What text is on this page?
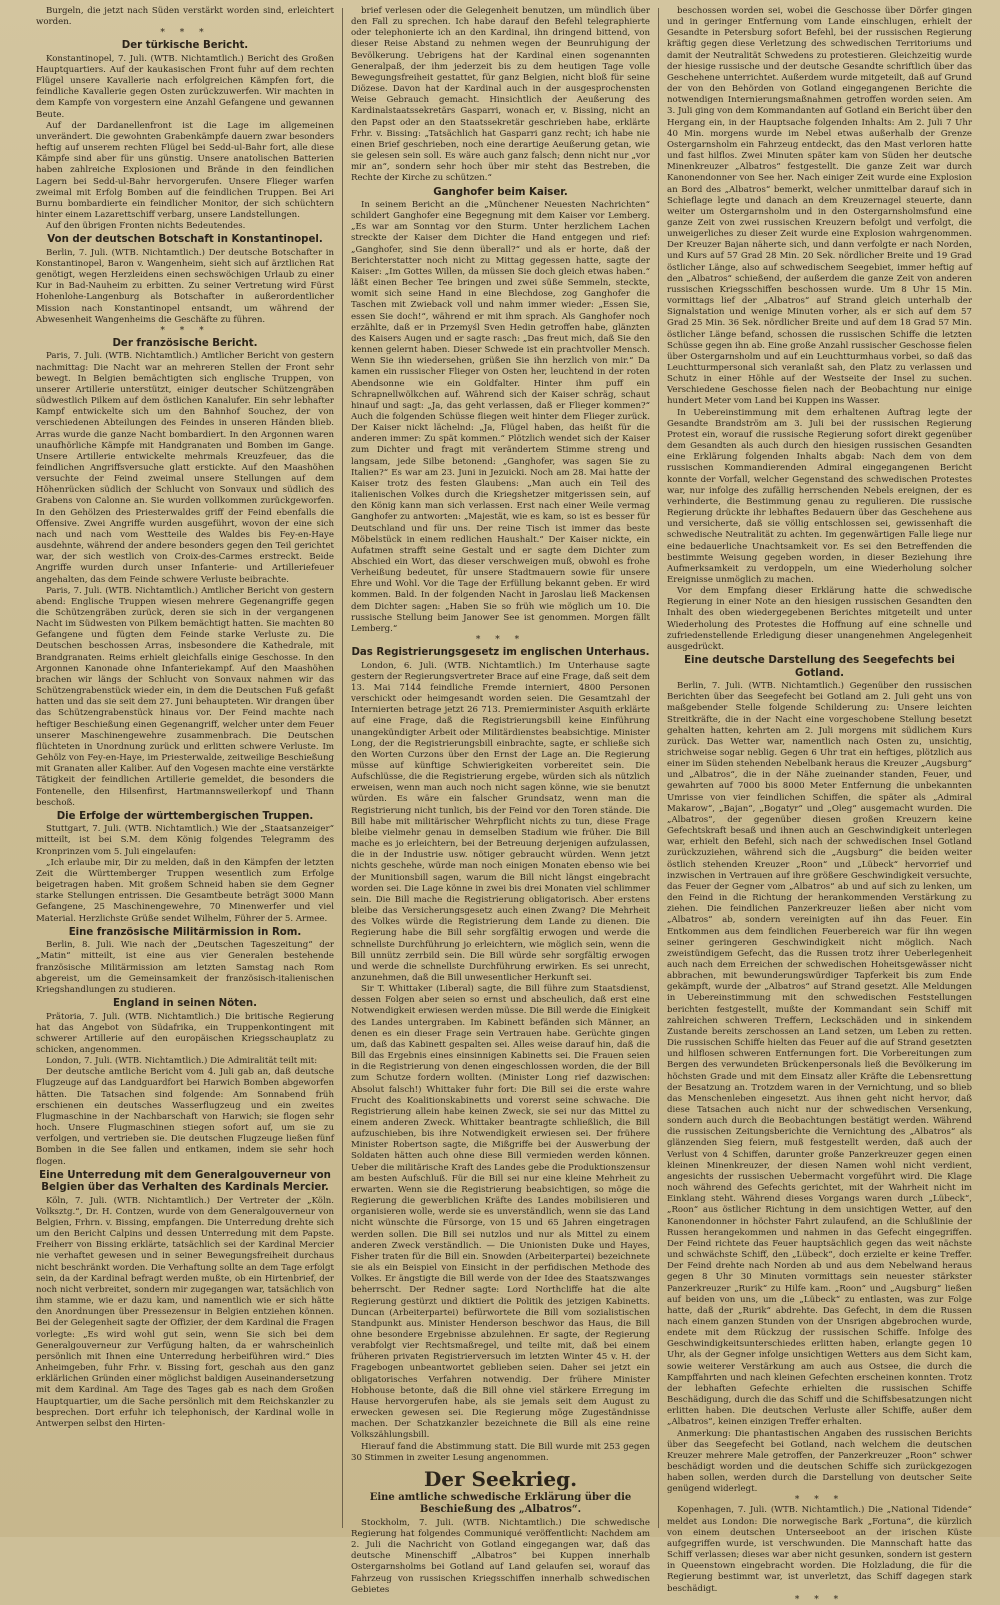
Burgeln, die jetzt nach Süden verstärkt worden sind, erleichtert worden.

* * *
Der türkische Bericht.

Konstantinopel, 7. Juli. (WTB. Nichtamtlich.) Bericht des Großen Hauptquartiers. Auf der kaukasischen Front fuhr auf dem rechten Flügel unsere Kavallerie nach erfolgreichen Kämpfen fort, die feindliche Kavallerie gegen Osten zurückzuwerfen. Wir machten in dem Kampfe von vorgestern eine Anzahl Gefangene und gewannen Beute.

Auf der Dardanellenfront ist die Lage im allgemeinen unverändert. Die gewohnten Grabenkämpfe dauern zwar besonders heftig auf unserem rechten Flügel bei Sedd-ul-Bahr fort, alle diese Kämpfe sind aber für uns günstig. Unsere anatolischen Batterien haben zahlreiche Explosionen und Brände in den feindlichen Lagern bei Sedd-ul-Bahr hervorgerufen. Unsere Flieger warfen zweimal mit Erfolg Bomben auf die feindlichen Truppen. Bei Ari Burnu bombardierte ein feindlicher Monitor, der sich schüchtern hinter einem Lazarettschiff verbarg, unsere Landstellungen.

Auf den übrigen Fronten nichts Bedeutendes.

Von der deutschen Botschaft in Konstantinopel.

Berlin, 7. Juli. (WTB. Nichtamtlich.) Der deutsche Botschafter in Konstantinopel, Baron v. Wangenheim, sieht sich auf ärztlichen Rat genötigt, wegen Herzleidens einen sechswöchigen Urlaub zu einer Kur in Bad-Nauheim zu erbitten. Zu seiner Vertretung wird Fürst Hohenlohe-Langenburg als Botschafter in außerordentlicher Mission nach Konstantinopel entsandt, um während der Abwesenheit Wangenheims die Geschäfte zu führen.

* * *
Der französische Bericht.

Paris, 7. Juli. (WTB. Nichtamtlich.) Amtlicher Bericht von gestern nachmittag: Die Nacht war an mehreren Stellen der Front sehr bewegt. In Belgien bemächtigten sich englische Truppen, von unserer Artillerie unterstützt, einiger deutscher Schützengräben südwestlich Pilkem auf dem östlichen Kanalufer. Ein sehr lebhafter Kampf entwickelte sich um den Bahnhof Souchez, der von verschiedenen Abteilungen des Feindes in unseren Händen blieb. Arras wurde die ganze Nacht bombardiert. In den Argonnen waren unaufhörliche Kämpfe mit Handgranaten und Bomben im Gange. Unsere Artillerie entwickelte mehrmals Kreuzfeuer, das die feindlichen Angriffsversuche glatt erstickte. Auf den Maashöhen versuchte der Feind zweimal unsere Stellungen auf dem Höhenrücken südlich der Schlucht von Sonvaux und südlich des Grabens von Calonne an. Sie wurden vollkommen zurückgeworfen. In den Gehölzen des Priesterwaldes griff der Feind ebenfalls die Offensive. Zwei Angriffe wurden ausgeführt, wovon der eine sich nach und nach vom Westteile des Waldes bis Fey-en-Haye ausdehnte, während der andere besonders gegen den Teil gerichtet war, der sich westlich von Croix-des-Carmes erstreckt. Beide Angriffe wurden durch unser Infanterie- und Artilleriefeuer angehalten, das dem Feinde schwere Verluste beibrachte.

Paris, 7. Juli. (WTB. Nichtamtlich.) Amtlicher Bericht von gestern abend: Englische Truppen wiesen mehrere Gegenangriffe gegen die Schützengräben zurück, deren sie sich in der vergangenen Nacht im Südwesten von Pilkem bemächtigt hatten. Sie machten 80 Gefangene und fügten dem Feinde starke Verluste zu. Die Deutschen beschossen Arras, insbesondere die Kathedrale, mit Brandgranaten. Reims erhielt gleichfalls einige Geschosse. In den Argonnen Kanonade ohne Infanteriekampf. Auf den Maashöhen brachen wir längs der Schlucht von Sonvaux nahmen wir das Schützengrabenstück wieder ein, in dem die Deutschen Fuß gefaßt hatten und das sie seit dem 27. Juni behaupteten. Wir drangen über das Schützengrabenstück hinaus vor. Der Feind machte nach heftiger Beschießung einen Gegenangriff, welcher unter dem Feuer unserer Maschinengewehre zusammenbrach. Die Deutschen flüchteten in Unordnung zurück und erlitten schwere Verluste. Im Gehölz von Fey-en-Haye, im Priesterwalde, zeitweilige Beschießung mit Granaten aller Kaliber. Auf den Vogesen machte eine verstärkte Tätigkeit der feindlichen Artillerie gemeldet, die besonders die Fontenelle, den Hilsenfirst, Hartmannsweilerkopf und Thann beschoß.

Die Erfolge der württembergischen Truppen.

Stuttgart, 7. Juli. (WTB. Nichtamtlich.) Wie der „Staatsanzeiger“ mitteilt, ist bei S.M. dem König folgendes Telegramm des Kronprinzen vom 5. Juli eingelaufen:

„Ich erlaube mir, Dir zu melden, daß in den Kämpfen der letzten Zeit die Württemberger Truppen wesentlich zum Erfolge beigetragen haben. Mit großem Schneid haben sie dem Gegner starke Stellungen entrissen. Die Gesamtbeute beträgt 3000 Mann Gefangene, 25 Maschinengewehre, 70 Minenwerfer und viel Material. Herzlichste Grüße sendet Wilhelm, Führer der 5. Armee.

Eine französische Militärmission in Rom.

Berlin, 8. Juli. Wie nach der „Deutschen Tageszeitung“ der „Matin“ mitteilt, ist eine aus vier Generalen bestehende französische Militärmission am letzten Samstag nach Rom abgereist, um die Gemeinsamkeit der französisch-italienischen Kriegshandlungen zu studieren.

England in seinen Nöten.

Prätoria, 7. Juli. (WTB. Nichtamtlich.) Die britische Regierung hat das Angebot von Südafrika, ein Truppenkontingent mit schwerer Artillerie auf den europäischen Kriegsschauplatz zu schicken, angenommen.

London, 7. Juli. (WTB. Nichtamtlich.) Die Admiralität teilt mit:

Der deutsche amtliche Bericht vom 4. Juli gab an, daß deutsche Flugzeuge auf das Landguardfort bei Harwich Bomben abgeworfen hätten. Die Tatsachen sind folgende: Am Sonnabend früh erschienen ein deutsches Wasserflugzeug und ein zweites Flugmaschine in der Nachbarschaft von Harwich; sie flogen sehr hoch. Unsere Flugmaschinen stiegen sofort auf, um sie zu verfolgen, und vertrieben sie. Die deutschen Flugzeuge ließen fünf Bomben in die See fallen und entkamen, indem sie sehr hoch flogen.

Eine Unterredung mit dem Generalgouverneur von Belgien über das Verhalten des Kardinals Mercier.

Köln, 7. Juli. (WTB. Nichtamtlich.) Der Vertreter der „Köln. Volksztg.“, Dr. H. Contzen, wurde von dem Generalgouverneur von Belgien, Frhrn. v. Bissing, empfangen. Die Unterredung drehte sich um den Bericht Calpins und dessen Unterredung mit dem Papste. Freiherr von Bissing erklärte, tatsächlich sei der Kardinal Mercier nie verhaftet gewesen und in seiner Bewegungsfreiheit durchaus nicht beschränkt worden. Die Verhaftung sollte an dem Tage erfolgt sein, da der Kardinal befragt werden mußte, ob ein Hirtenbrief, der noch nicht verbreitet, sondern mir zugegangen war, tatsächlich von ihm stamme, wie er dazu kam, und namentlich wie er sich hätte den Anordnungen über Pressezensur in Belgien entziehen können. Bei der Gelegenheit sagte der Offizier, der dem Kardinal die Fragen vorlegte: „Es wird wohl gut sein, wenn Sie sich bei dem Generalgouverneur zur Verfügung halten, da er wahrscheinlich persönlich mit Ihnen eine Unterredung herbeiführen wird.“ Dies Anheimgeben, fuhr Frhr. v. Bissing fort, geschah aus den ganz erklärlichen Gründen einer möglichst baldigen Auseinandersetzung mit dem Kardinal. Am Tage des Tages gab es nach dem Großen Hauptquartier, um die Sache persönlich mit dem Reichskanzler zu besprechen. Dort erfuhr ich telephonisch, der Kardinal wolle in Antwerpen selbst den Hirten-

brief verlesen oder die Gelegenheit benutzen, um mündlich über den Fall zu sprechen. Ich habe darauf den Befehl telegraphierte oder telephonierte ich an den Kardinal, ihn dringend bittend, von dieser Reise Abstand zu nehmen wegen der Beunruhigung der Bevölkerung. Uebrigens hat der Kardinal einen sogenannten Generalpaß, der ihm jederzeit bis zu dem heutigen Tage volle Bewegungsfreiheit gestattet, für ganz Belgien, nicht bloß für seine Diözese. Davon hat der Kardinal auch in der ausgesprochensten Weise Gebrauch gemacht. Hinsichtlich der Aeußerung des Kardinalstaatssekretärs Gasparri, wonach er, v. Bissing, nicht an den Papst oder an den Staatssekretär geschrieben habe, erklärte Frhr. v. Bissing: „Tatsächlich hat Gasparri ganz recht; ich habe nie einen Brief geschrieben, noch eine derartige Aeußerung getan, wie sie gelesen sein soll. Es wäre auch ganz falsch; denn nicht nur „vor mir an“, sondern sehr hoch über mir steht das Bestreben, die Rechte der Kirche zu schützen.“

Ganghofer beim Kaiser.

In seinem Bericht an die „Münchener Neuesten Nachrichten“ schildert Ganghofer eine Begegnung mit dem Kaiser vor Lemberg. „Es war am Sonntag vor den Sturm. Unter herzlichem Lachen streckte der Kaiser dem Dichter die Hand entgegen und rief: „Ganghofer, sind Sie denn überall?“ und als er horte, daß der Berichterstatter noch nicht zu Mittag gegessen hatte, sagte der Kaiser: „Im Gottes Willen, da müssen Sie doch gleich etwas haben.“ läßt einen Becher Tee bringen und zwei süße Semmeln, steckte, womit sich seine Hand in eine Blechdose, zog Ganghofer die Taschen mit Zwieback voll und nahm immer wieder: „Essen Sie, essen Sie doch!“, während er mit ihm sprach. Als Ganghofer noch erzählte, daß er in Przemyśl Sven Hedin getroffen habe, glänzten des Kaisers Augen und er sagte rasch: „Das freut mich, daß Sie den kennen gelernt haben. Dieser Schwede ist ein prachtvoller Mensch. Wenn Sie ihn wiedersehen, grüßen Sie ihn herzlich von mir.“ Da kamen ein russischer Flieger von Osten her, leuchtend in der roten Abendsonne wie ein Goldfalter. Hinter ihm puff ein Schrapnellwölkchen auf. Während sich der Kaiser schräg, schaut hinauf und sagt: „Ja, das geht verlassen, daß er Flieger kommen?“ Auch die folgenden Schüsse fliegen weit hinter dem Flieger zurück. Der Kaiser nickt lächelnd: „Ja, Flügel haben, das heißt für die anderen immer: Zu spät kommen.“ Plötzlich wendet sich der Kaiser zum Dichter und fragt mit verändertem Stimme streng und langsam, jede Silbe betonend: „Ganghofer, was sagen Sie zu Italien?“ Es war am 23. Juni in Jezuicki. Noch am 28. Mai hatte der Kaiser trotz des festen Glaubens: „Man auch ein Teil des italienischen Volkes durch die Kriegshetzer mitgerissen sein, auf den König kann man sich verlassen. Erst nach einer Weile vermag Ganghofer zu antworten: „Majestät, wie es kam, so ist es besser für Deutschland und für uns. Der reine Tisch ist immer das beste Möbelstück in einem redlichen Haushalt.“ Der Kaiser nickte, ein Aufatmen strafft seine Gestalt und er sagte dem Dichter zum Abschied ein Wort, das dieser verschweigen muß, obwohl es frohe Verheißung bedeutet, für unsere Stadtmauern sowie für unsere Ehre und Wohl. Vor die Tage der Erfüllung bekannt geben. Er wird kommen. Bald. In der folgenden Nacht in Jaroslau ließ Mackensen dem Dichter sagen: „Haben Sie so früh wie möglich um 10. Die russische Stellung beim Janower See ist genommen. Morgen fällt Lemberg.“

* * *
Das Registrierungsgesetz im englischen Unterhaus.

London, 6. Juli. (WTB. Nichtamtlich.) Im Unterhause sagte gestern der Regierungsvertreter Brace auf eine Frage, daß seit dem 13. Mai 7144 feindliche Fremde interniert, 4800 Personen verschickt oder heimgesandt worden seien. Die Gesamtzahl der Internierten betrage jetzt 26 713. Premierminister Asquith erklärte auf eine Frage, daß die Registrierungsbill keine Einführung unangekündigter Arbeit oder Militärdienstes beabsichtige. Minister Long, der die Registrierungsbill einbrachte, sagte, er schließe sich den Worten Curzons über den Ernst der Lage an. Die Regierung müsse auf künftige Schwierigkeiten vorbereitet sein. Die Aufschlüsse, die die Registrierung ergebe, würden sich als nützlich erweisen, wenn man auch noch nicht sagen könne, wie sie benutzt würden. Es wäre ein falscher Grundsatz, wenn man die Registrierung nicht tunlich, bis der Feind vor den Toren stände. Die Bill habe mit militärischer Wehrpflicht nichts zu tun, diese Frage bleibe vielmehr genau in demselben Stadium wie früher. Die Bill mache es jo erleichtern, bei der Betreuung derjenigen aufzulassen, die in der Industrie usw. nötiger gebraucht würden. Wenn jetzt nichts geschehe, würde man noch einigen Monaten ebenso wie bei der Munitionsbill sagen, warum die Bill nicht längst eingebracht worden sei. Die Lage könne in zwei bis drei Monaten viel schlimmer sein. Die Bill mache die Registrierung obligatorisch. Aber erstens bleibe das Versicherungsgesetz auch einen Zwang? Die Mehrheit des Volkes würde die Registrierung dem Lande zu dienen. Die Regierung habe die Bill sehr sorgfältig erwogen und werde die schnellste Durchführung jo erleichtern, wie möglich sein, wenn die Bill unnütz zerrbild sein. Die Bill würde sehr sorgfältig erwogen und werde die schnellste Durchführung erwirken. Es sei unrecht, anzunehmen, daß die Bill unwesentlicher Herkunft sei.

Sir T. Whittaker (Liberal) sagte, die Bill führe zum Staatsdienst, dessen Folgen aber seien so ernst und abscheulich, daß erst eine Notwendigkeit erwiesen werden müsse. Die Bill werde die Einigkeit des Landes untergraben. Im Kabinett befänden sich Männer, an denen es ein dieser Frage sein Vertrauen habe. Gerüchte gingen um, daß das Kabinett gespalten sei. Alles weise darauf hin, daß die Bill das Ergebnis eines einsinnigen Kabinetts sei. Die Frauen seien in die Registrierung von denen eingeschlossen worden, die der Bill zum Schutze fordern wollten. (Minister Long rief dazwischen: Absolut falsch!) Whittaker fuhr fort: Die Bill sei die erste wahre Frucht des Koalitionskabinetts und vorerst seine schwache. Die Registrierung allein habe keinen Zweck, sie sei nur das Mittel zu einem anderen Zweck. Whittaker beantragte schließlich, die Bill aufzuschieben, bis ihre Notwendigkeit erwiesen sei. Der frühere Minister Robertson sagte, die Mißgriffe bei der Auswerbung der Soldaten hätten auch ohne diese Bill vermieden werden können. Ueber die militärische Kraft des Landes gebe die Produktionszensur am besten Aufschluß. Für die Bill sei nur eine kleine Mehrheit zu erwarten. Wenn sie die Registrierung beabsichtigen, so möge die Regierung die gewerblichen Kräfte des Landes mobilisieren und organisieren wolle, werde sie es unverständlich, wenn sie das Land nicht wünschte die Fürsorge, von 15 und 65 Jahren eingetragen werden sollen. Die Bill sei nutzlos und nur als Mittel zu einem anderen Zweck verständlich. — Die Unionisten Duke und Hayes, Fisher traten für die Bill ein. Snowden (Arbeiterpartei) bezeichnete sie als ein Beispiel von Einsicht in der perfidischen Methode des Volkes. Er ängstigte die Bill werde von der Idee des Staatszwanges beherrscht. Der Redner sagte: Lord Northcliffe hat die alte Regierung gestürzt und diktiert die Politik des jetzigen Kabinetts. Duncan (Arbeiterpartei) befürwortete die Bill vom sozialistischen Standpunkt aus. Minister Henderson beschwor das Haus, die Bill ohne besondere Ergebnisse abzulehnen. Er sagte, der Regierung verabfolgt vier Rechtsmaßregel, und teilte mit, daß bei einem früheren privaten Registrierversuch im letzten Winter 45 v. H. der Fragebogen unbeantwortet geblieben seien. Daher sei jetzt ein obligatorisches Verfahren notwendig. Der frühere Minister Hobhouse betonte, daß die Bill ohne viel stärkere Erregung im Hause hervorgerufen habe, als sie jemals seit dem August zu erwecken gewesen sei. Die Regierung möge Zugeständnisse machen. Der Schatzkanzler bezeichnete die Bill als eine reine Volkszählungsbill.

Hierauf fand die Abstimmung statt. Die Bill wurde mit 253 gegen 30 Stimmen in zweiter Lesung angenommen.

Der Seekrieg.
Eine amtliche schwedische Erklärung über die Beschießung des „Albatros“.

Stockholm, 7. Juli. (WTB. Nichtamtlich.) Die schwedische Regierung hat folgendes Communiqué veröffentlicht: Nachdem am 2. Juli die Nachricht von Gotland eingegangen war, daß das deutsche Minenschiff „Albatros“ bei Kuppen innerhalb Ostergarnsholms bei Gotland auf Land gelaufen sei, worauf das Fahrzeug von russischen Kriegsschiffen innerhalb schwedischen Gebietes

beschossen worden sei, wobei die Geschosse über Dörfer gingen und in geringer Entfernung vom Lande einschlugen, erhielt der Gesandte in Petersburg sofort Befehl, bei der russischen Regierung kräftig gegen diese Verletzung des schwedischen Territoriums und damit der Neutralität Schwedens zu protestieren. Gleichzeitig wurde der hiesige russische und der deutsche Gesandte schriftlich über das Geschehene unterrichtet. Außerdem wurde mitgeteilt, daß auf Grund der von den Behörden von Gotland eingegangenen Berichte die notwendigen Internierungsmaßnahmen getroffen worden seien. Am 3. Juli ging von dem Kommandanten auf Gotland ein Bericht über den Hergang ein, in der Hauptsache folgenden Inhalts: Am 2. Juli 7 Uhr 40 Min. morgens wurde im Nebel etwas außerhalb der Grenze Ostergarnsholm ein Fahrzeug entdeckt, das den Mast verloren hatte und fast hilflos. Zwei Minuten später kam von Süden her deutsche Minenkreuzer „Albatros“ festgestellt. Die ganze Zeit war durch Kanonendonner von See her. Nach einiger Zeit wurde eine Explosion an Bord des „Albatros“ bemerkt, welcher unmittelbar darauf sich in Schieflage legte und danach an dem Kreuzernagel steuerte, dann weiter um Ostergarnsholm und in den Ostergarnsholmsfund eine ganze Zeit von zwei russischen Kreuzern befolgt und verfolgt, die unweigerliches zu dieser Zeit wurde eine Explosion wahrgenommen. Der Kreuzer Bajan näherte sich, und dann verfolgte er nach Norden, und Kurs auf 57 Grad 28 Min. 20 Sek. nördlicher Breite und 19 Grad östlicher Länge, also auf schwedischem Seegebiet, immer heftig auf den „Albatros“ schießend, der außerdem die ganze Zeit von anderen russischen Kriegsschiffen beschossen wurde. Um 8 Uhr 15 Min. vormittags lief der „Albatros“ auf Strand gleich unterhalb der Signalstation und wenige Minuten vorher, als er sich auf dem 57 Grad 25 Min. 36 Sek. nördlicher Breite und auf dem 18 Grad 57 Min. östlicher Länge befand, schossen die russischen Schiffe die letzten Schüsse gegen ihn ab. Eine große Anzahl russischer Geschosse fielen über Ostergarnsholm und auf ein Leuchtturmhaus vorbei, so daß das Leuchtturmpersonal sich veranlaßt sah, den Platz zu verlassen und Schutz in einer Höhle auf der Westseite der Insel zu suchen. Verschiedene Geschosse fielen nach der Beobachtung nur einige hundert Meter vom Land bei Kuppen ins Wasser.

In Uebereinstimmung mit dem erhaltenen Auftrag legte der Gesandte Brandström am 3. Juli bei der russischen Regierung Protest ein, worauf die russische Regierung sofort direkt gegenüber dem Gesandten als auch durch den hiesigen russischen Gesandten eine Erklärung folgenden Inhalts abgab: Nach dem von dem russischen Kommandierenden Admiral eingegangenen Bericht konnte der Vorfall, welcher Gegenstand des schwedischen Protestes war, nur infolge des zufällig herrschenden Nebels ereignen, der es verhinderte, die Bestimmung genau zu regulieren. Die russische Regierung drückte ihr lebhaftes Bedauern über das Geschehene aus und versicherte, daß sie völlig entschlossen sei, gewissenhaft die schwedische Neutralität zu achten. Im gegenwärtigen Falle liege nur eine bedauerliche Unachtsamkeit vor. Es sei den Betreffenden die bestimmte Weisung gegeben worden, in dieser Beziehung ihre Aufmerksamkeit zu verdoppeln, um eine Wiederholung solcher Ereignisse unmöglich zu machen.

Vor dem Empfang dieser Erklärung hatte die schwedische Regierung in einer Note an den hiesigen russischen Gesandten den Inhalt des oben wiedergegebenen Berichtes mitgeteilt und unter Wiederholung des Protestes die Hoffnung auf eine schnelle und zufriedenstellende Erledigung dieser unangenehmen Angelegenheit ausgedrückt.

Eine deutsche Darstellung des Seegefechts bei Gotland.

Berlin, 7. Juli. (WTB. Nichtamtlich.) Gegenüber den russischen Berichten über das Seegefecht bei Gotland am 2. Juli geht uns von maßgebender Stelle folgende Schilderung zu: Unsere leichten Streitkräfte, die in der Nacht eine vorgeschobene Stellung besetzt gehalten hatten, kehrten am 2. Juli morgens mit südlichem Kurs zurück. Das Wetter war, namentlich nach Osten zu, unsichtig, strichweise sogar neblig. Gegen 6 Uhr trat ein heftiges, plötzlich aus einer im Süden stehenden Nebelbank heraus die Kreuzer „Augsburg“ und „Albatros“, die in der Nähe zueinander standen, Feuer, und gewahrten auf 7000 bis 8000 Meter Entfernung die unbekannten Umrisse von vier feindlichen Schiffen, die später als „Admiral Makarow“, „Bajan“, „Bogatyr“ und „Oleg“ ausgemacht wurden. Die „Albatros“, der gegenüber diesen großen Kreuzern keine Gefechtskraft besaß und ihnen auch an Geschwindigkeit unterlegen war, erhielt den Befehl, sich nach der schwedischen Insel Gotland zurückzuziehen, während sich die „Augsburg“ die beiden weiter östlich stehenden Kreuzer „Roon“ und „Lübeck“ hervorrief und inzwischen in Vertrauen auf ihre größere Geschwindigkeit versuchte, das Feuer der Gegner vom „Albatros“ ab und auf sich zu lenken, um den Feind in die Richtung der herankommenden Verstärkung zu ziehen. Die feindlichen Panzerkreuzer ließen aber nicht vom „Albatros“ ab, sondern vereinigten auf ihn das Feuer. Ein Entkommen aus dem feindlichen Feuerbereich war für ihn wegen seiner geringeren Geschwindigkeit nicht möglich. Nach zweistündigem Gefecht, das die Russen trotz ihrer Ueberlegenheit auch nach dem Erreichen der schwedischen Hoheitsgewässer nicht abbrachen, mit bewunderungswürdiger Tapferkeit bis zum Ende gekämpft, wurde der „Albatros“ auf Strand gesetzt. Alle Meldungen in Uebereinstimmung mit den schwedischen Feststellungen berichten festgestellt, mußte der Kommandant sein Schiff mit zahlreichen schweren Treffern, Leckschäden und in sinkendem Zustande bereits zerschossen an Land setzen, um Leben zu retten. Die russischen Schiffe hielten das Feuer auf die auf Strand gesetzten und hilflosen schweren Entfernungen fort. Die Vorbereitungen zum Bergen des verwundeten Brückenpersonals ließ die Bevölkerung im höchsten Grade und mit dem Einsatz aller Kräfte die Lebensrettung der Besatzung an. Trotzdem waren in der Vernichtung, und so blieb das Menschenleben eingesetzt. Aus ihnen geht nicht hervor, daß diese Tatsachen auch nicht nur der schwedischen Versenkung, sondern auch durch die Beobachtungen bestätigt werden. Während die russischen Zeitungsberichte die Vernichtung des „Albatros“ als glänzenden Sieg feiern, muß festgestellt werden, daß auch der Verlust von 4 Schiffen, darunter große Panzerkreuzer gegen einen kleinen Minenkreuzer, der diesen Namen wohl nicht verdient, angesichts der russischen Uebermacht vorgeführt wird. Die Klage noch während des Gefechts gerichtet, mit der Wahrheit nicht im Einklang steht. Während dieses Vorgangs waren durch „Lübeck“, „Roon“ aus östlicher Richtung in dem unsichtigen Wetter, auf den Kanonendonner in höchster Fahrt zulaufend, an die Schlußlinie der Russen herangekommen und nahmen in das Gefecht eingegriffen. Der Feind richtete das Feuer hauptsächlich gegen das weit nächste und schwächste Schiff, den „Lübeck“, doch erzielte er keine Treffer. Der Feind drehte nach Norden ab und aus dem Nebelwand heraus gegen 8 Uhr 30 Minuten vormittags sein neuester stärkster Panzerkreuzer „Rurik“ zu Hilfe kam. „Roon“ und „Augsburg“ ließen auf beiden von uns, um die „Lübeck“ zu entlasten, was zur Folge hatte, daß der „Rurik“ abdrehte. Das Gefecht, in dem die Russen nach einem ganzen Stunden von der Unsrigen abgebrochen wurde, endete mit dem Rückzug der russischen Schiffe. Infolge des Geschwindigkeitsunterschiedes erlitten haben, erlangte gegen 10 Uhr, als der Gegner infolge unsichtigen Wetters aus dem Sicht kam, sowie weiterer Verstärkung am auch aus Ostsee, die durch die Kampffahrten und nach kleinen Gefechten erscheinen konnten. Trotz der lebhaften Gefechte erhielten die russischen Schiffe Beschädigung, durch die das Schiff und die Schiffsbesatzungen nicht erlitten haben. Die deutschen Verluste aller Schiffe, außer dem „Albatros“, keinen einzigen Treffer erhalten.

Anmerkung: Die phantastischen Angaben des russischen Berichts über das Seegefecht bei Gotland, nach welchem die deutschen Kreuzer mehrere Male getroffen, der Panzerkreuzer „Roon“ schwer beschädigt worden und die deutschen Schiffe sich zurückgezogen haben sollen, werden durch die Darstellung von deutscher Seite genügend widerlegt.

* * *

Kopenhagen, 7. Juli. (WTB. Nichtamtlich.) Die „National Tidende“ meldet aus London: Die norwegische Bark „Fortuna“, die kürzlich von einem deutschen Unterseeboot an der irischen Küste aufgegriffen wurde, ist verschwunden. Die Mannschaft hatte das Schiff verlassen; dieses war aber nicht gesunken, sondern ist gestern in Queenstown eingebracht worden. Die Holzladung, die für die Regierung bestimmt war, ist unverletzt, das Schiff dagegen stark beschädigt.

* * *
